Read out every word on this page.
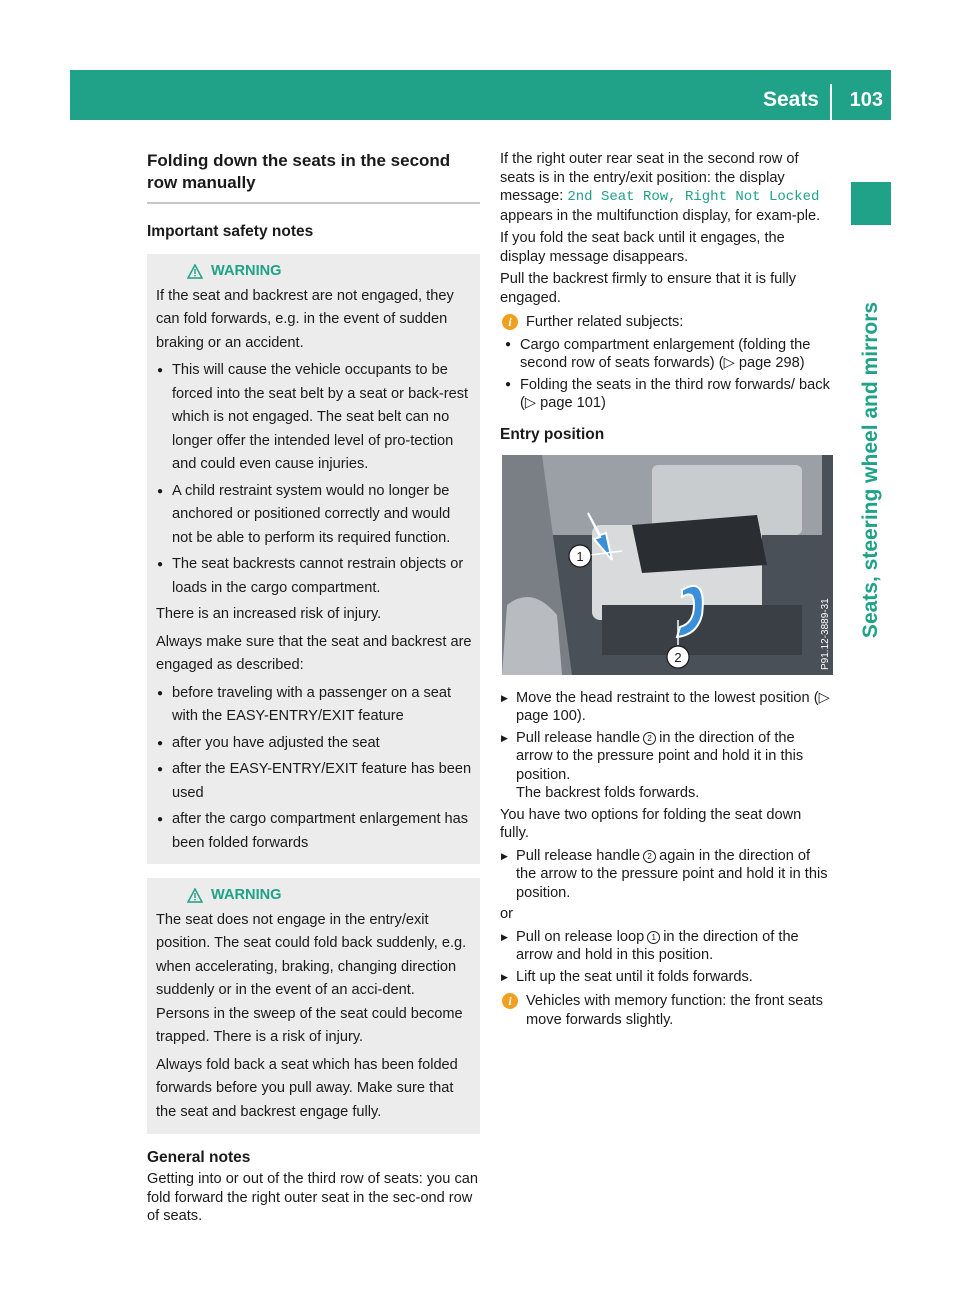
Seats 103
Seats, steering wheel and mirrors
Folding down the seats in the second row manually
Important safety notes
WARNING

If the seat and backrest are not engaged, they can fold forwards, e.g. in the event of sudden braking or an accident.

● This will cause the vehicle occupants to be forced into the seat belt by a seat or back-rest which is not engaged. The seat belt can no longer offer the intended level of pro-tection and could even cause injuries.
● A child restraint system would no longer be anchored or positioned correctly and would not be able to perform its required function.
● The seat backrests cannot restrain objects or loads in the cargo compartment.

There is an increased risk of injury.

Always make sure that the seat and backrest are engaged as described:

● before traveling with a passenger on a seat with the EASY-ENTRY/EXIT feature
● after you have adjusted the seat
● after the EASY-ENTRY/EXIT feature has been used
● after the cargo compartment enlargement has been folded forwards
WARNING

The seat does not engage in the entry/exit position. The seat could fold back suddenly, e.g. when accelerating, braking, changing direction suddenly or in the event of an acci-dent. Persons in the sweep of the seat could become trapped. There is a risk of injury.

Always fold back a seat which has been folded forwards before you pull away. Make sure that the seat and backrest engage fully.

General notes

Getting into or out of the third row of seats: you can fold forward the right outer seat in the sec-ond row of seats.

If the right outer rear seat in the second row of seats is in the entry/exit position: the display message: 2nd Seat Row, Right Not Locked appears in the multifunction display, for exam-ple.

If you fold the seat back until it engages, the display message disappears.

Pull the backrest firmly to ensure that it is fully engaged.

i Further related subjects:
● Cargo compartment enlargement (folding the second row of seats forwards) (▷ page 298)
● Folding the seats in the third row forwards/ back (▷ page 101)
Entry position
1
2	P91.12-3889-31
▶ Move the head restraint to the lowest position (▷ page 100).
▶ Pull release handle 2 in the direction of the arrow to the pressure point and hold it in this position.
The backrest folds forwards.

You have two options for folding the seat down fully.

▶ Pull release handle 2 again in the direction of the arrow to the pressure point and hold it in this position.

or

▶ Pull on release loop 1 in the direction of the arrow and hold in this position.
▶ Lift up the seat until it folds forwards.
i Vehicles with memory function: the front seats move forwards slightly.
